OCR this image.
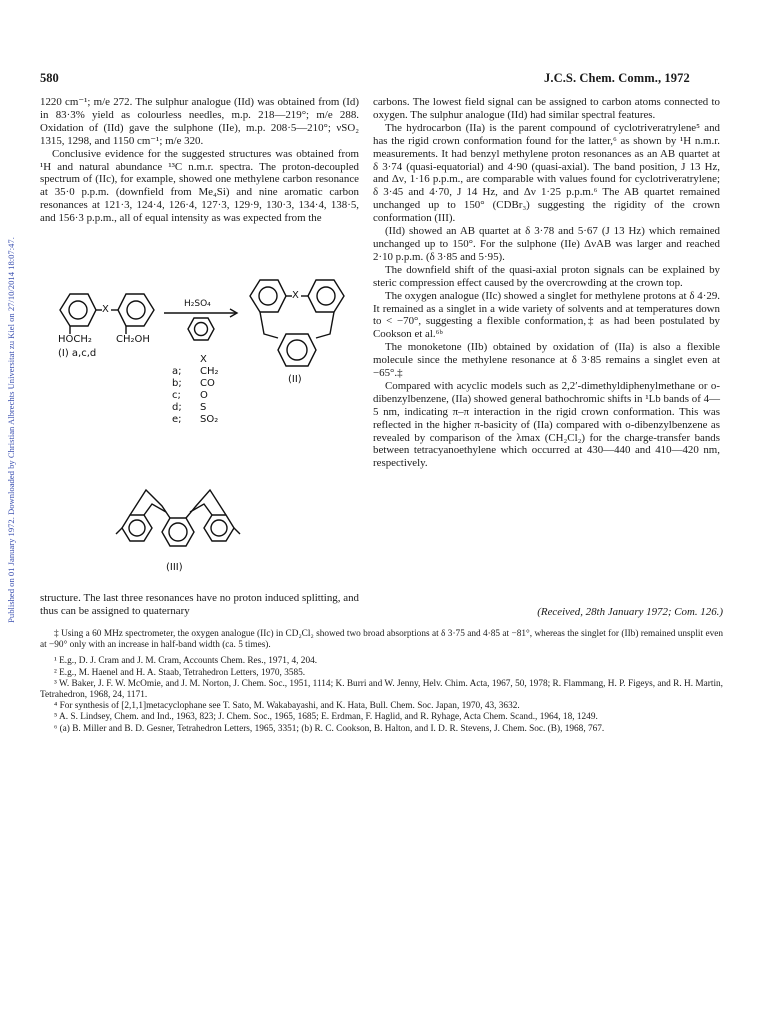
Published on 01 January 1972. Downloaded by Christian Albrechts Universitat zu Kiel on 27/10/2014 18:07:47.
580	J.C.S. Chem. Comm., 1972

1220 cm⁻¹; m/e 272. The sulphur analogue (IId) was obtained from (Id) in 83·3% yield as colourless needles, m.p. 218—219°; m/e 288. Oxidation of (IId) gave the sulphone (IIe), m.p. 208·5—210°; νSO₂ 1315, 1298, and 1150 cm⁻¹; m/e 320.

Conclusive evidence for the suggested structures was obtained from ¹H and natural abundance ¹³C n.m.r. spectra. The proton-decoupled spectrum of (IIc), for example, showed one methylene carbon resonance at 35·0 p.p.m. (downfield from Me₄Si) and nine aromatic carbon resonances at 121·3, 124·4, 126·4, 127·3, 129·9, 130·3, 134·4, 138·5, and 156·3 p.p.m., all of equal intensity as was expected from the

X
X
HOCH₂ CH₂OH
H₂SO₄
(I) a,c,d
(II)
X
a; CH₂
b; CO
c; O
d; S
e; SO₂
(III)

structure. The last three resonances have no proton induced splitting, and thus can be assigned to quaternary

carbons. The lowest field signal can be assigned to carbon atoms connected to oxygen. The sulphur analogue (IId) had similar spectral features.

The hydrocarbon (IIa) is the parent compound of cyclotriveratrylene⁵ and has the rigid crown conformation found for the latter,⁶ as shown by ¹H n.m.r. measurements. It had benzyl methylene proton resonances as an AB quartet at δ 3·74 (quasi-equatorial) and 4·90 (quasi-axial). The band position, J 13 Hz, and Δν, 1·16 p.p.m., are comparable with values found for cyclotriveratrylene; δ 3·45 and 4·70, J 14 Hz, and Δν 1·25 p.p.m.⁶ The AB quartet remained unchanged up to 150° (CDBr₃) suggesting the rigidity of the crown conformation (III).

(IId) showed an AB quartet at δ 3·78 and 5·67 (J 13 Hz) which remained unchanged up to 150°. For the sulphone (IIe) ΔνAB was larger and reached 2·10 p.p.m. (δ 3·85 and 5·95).

The downfield shift of the quasi-axial proton signals can be explained by steric compression effect caused by the overcrowding at the crown top.

The oxygen analogue (IIc) showed a singlet for methylene protons at δ 4·29. It remained as a singlet in a wide variety of solvents and at temperatures down to < −70°, suggesting a flexible conformation,‡ as had been postulated by Cookson et al.⁶ᵇ

The monoketone (IIb) obtained by oxidation of (IIa) is also a flexible molecule since the methylene resonance at δ 3·85 remains a singlet even at −65°.‡

Compared with acyclic models such as 2,2′-dimethyldiphenylmethane or o-dibenzylbenzene, (IIa) showed general bathochromic shifts in ¹Lb bands of 4—5 nm, indicating π–π interaction in the rigid crown conformation. This was reflected in the higher π-basicity of (IIa) compared with o-dibenzylbenzene as revealed by comparison of the λmax (CH₂Cl₂) for the charge-transfer bands between tetracyanoethylene which occurred at 430—440 and 410—420 nm, respectively.

(Received, 28th January 1972; Com. 126.)

‡ Using a 60 MHz spectrometer, the oxygen analogue (IIc) in CD₂Cl₂ showed two broad absorptions at δ 3·75 and 4·85 at −81°, whereas the singlet for (IIb) remained unsplit even at −90° only with an increase in half-band width (ca. 5 times).

¹ E.g., D. J. Cram and J. M. Cram, Accounts Chem. Res., 1971, 4, 204.

² E.g., M. Haenel and H. A. Staab, Tetrahedron Letters, 1970, 3585.

³ W. Baker, J. F. W. McOmie, and J. M. Norton, J. Chem. Soc., 1951, 1114; K. Burri and W. Jenny, Helv. Chim. Acta, 1967, 50, 1978; R. Flammang, H. P. Figeys, and R. H. Martin, Tetrahedron, 1968, 24, 1171.

⁴ For synthesis of [2,1,1]metacyclophane see T. Sato, M. Wakabayashi, and K. Hata, Bull. Chem. Soc. Japan, 1970, 43, 3632.

⁵ A. S. Lindsey, Chem. and Ind., 1963, 823; J. Chem. Soc., 1965, 1685; E. Erdman, F. Haglid, and R. Ryhage, Acta Chem. Scand., 1964, 18, 1249.

⁶ (a) B. Miller and B. D. Gesner, Tetrahedron Letters, 1965, 3351; (b) R. C. Cookson, B. Halton, and I. D. R. Stevens, J. Chem. Soc. (B), 1968, 767.
